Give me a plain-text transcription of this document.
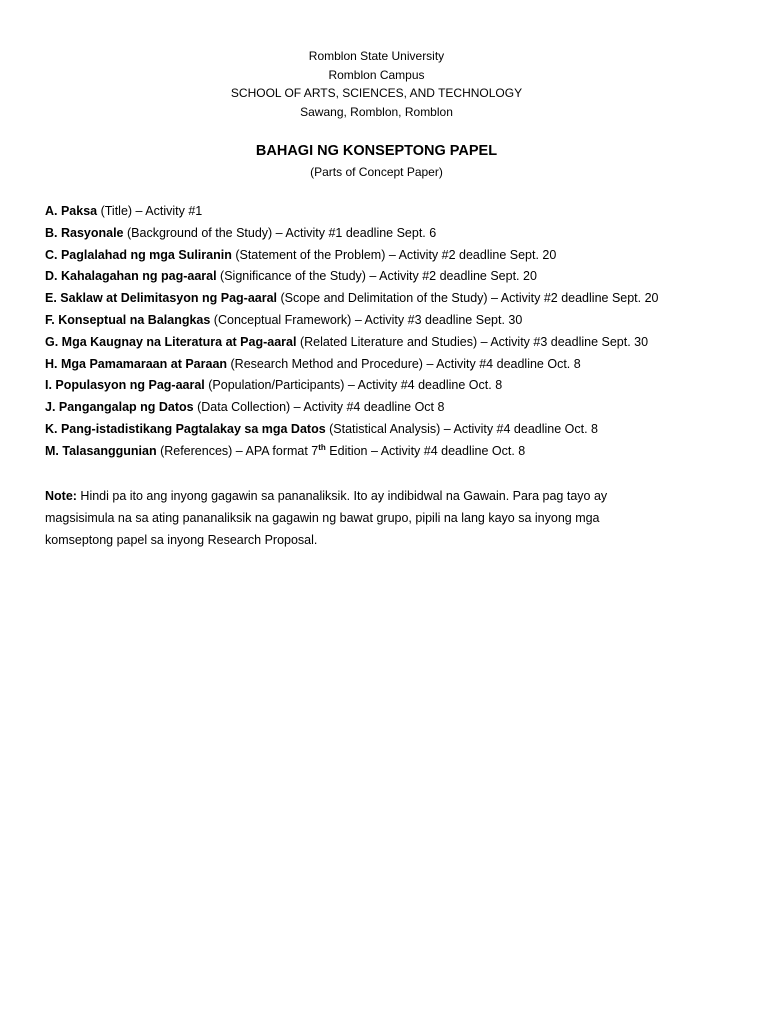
Romblon State University
Romblon Campus
SCHOOL OF ARTS, SCIENCES, AND TECHNOLOGY
Sawang, Romblon, Romblon
BAHAGI NG KONSEPTONG PAPEL
(Parts of Concept Paper)
A. Paksa (Title) – Activity #1
B. Rasyonale (Background of the Study) – Activity #1 deadline Sept. 6
C. Paglalahad ng mga Suliranin (Statement of the Problem) – Activity #2 deadline Sept. 20
D. Kahalagahan ng pag-aaral (Significance of the Study) – Activity #2 deadline Sept. 20
E. Saklaw at Delimitasyon ng Pag-aaral (Scope and Delimitation of the Study) – Activity #2 deadline Sept. 20
F. Konseptual na Balangkas (Conceptual Framework) – Activity #3 deadline Sept. 30
G. Mga Kaugnay na Literatura at Pag-aaral (Related Literature and Studies) – Activity #3 deadline Sept. 30
H. Mga Pamamaraan at Paraan (Research Method and Procedure) – Activity #4 deadline Oct. 8
I. Populasyon ng Pag-aaral (Population/Participants) – Activity #4 deadline Oct. 8
J. Pangangalap ng Datos (Data Collection) – Activity #4 deadline Oct 8
K. Pang-istadistikang Pagtalakay sa mga Datos (Statistical Analysis) – Activity #4 deadline Oct. 8
M. Talasanggunian (References) – APA format 7th Edition – Activity #4 deadline Oct. 8
Note: Hindi pa ito ang inyong gagawin sa pananaliksik. Ito ay indibidwal na Gawain. Para pag tayo ay magsisimula na sa ating pananaliksik na gagawin ng bawat grupo, pipili na lang kayo sa inyong mga komseptong papel sa inyong Research Proposal.
